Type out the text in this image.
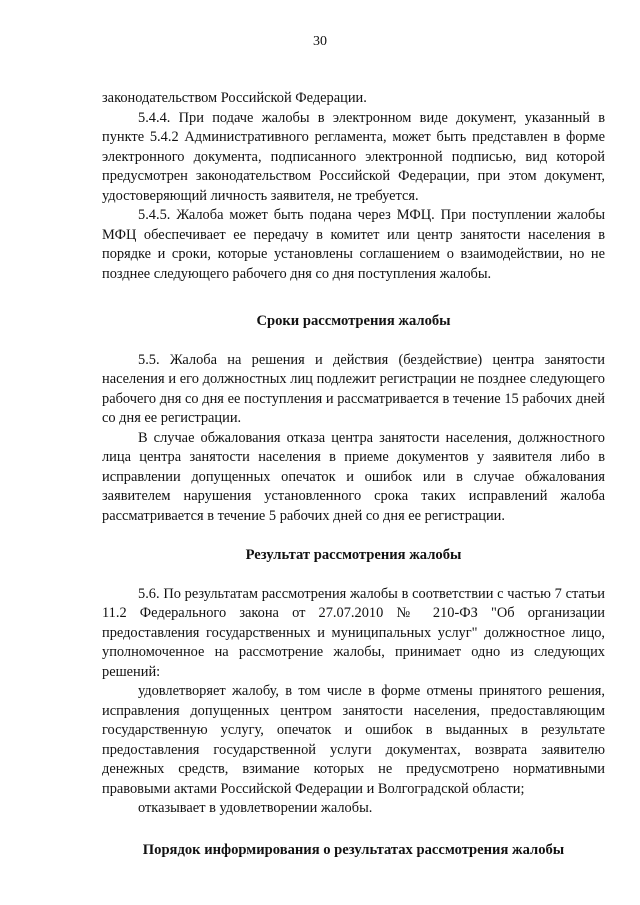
30

законодательством Российской Федерации.

5.4.4. При подаче жалобы в электронном виде документ, указанный в пункте 5.4.2 Административного регламента, может быть представлен в форме электронного документа, подписанного электронной подписью, вид которой предусмотрен законодательством Российской Федерации, при этом документ, удостоверяющий личность заявителя, не требуется.

5.4.5. Жалоба может быть подана через МФЦ. При поступлении жалобы МФЦ обеспечивает ее передачу в комитет или центр занятости населения в порядке и сроки, которые установлены соглашением о взаимодействии, но не позднее следующего рабочего дня со дня поступления жалобы.

Сроки рассмотрения жалобы

5.5. Жалоба на решения и действия (бездействие) центра занятости населения и его должностных лиц подлежит регистрации не позднее следующего рабочего дня со дня ее поступления и рассматривается в течение 15 рабочих дней со дня ее регистрации.

В случае обжалования отказа центра занятости населения, должностного лица центра занятости населения в приеме документов у заявителя либо в исправлении допущенных опечаток и ошибок или в случае обжалования заявителем нарушения установленного срока таких исправлений жалоба рассматривается в течение 5 рабочих дней со дня ее регистрации.

Результат рассмотрения жалобы

5.6. По результатам рассмотрения жалобы в соответствии с частью 7 статьи 11.2 Федерального закона от 27.07.2010 № 210-ФЗ "Об организации предоставления государственных и муниципальных услуг" должностное лицо, уполномоченное на рассмотрение жалобы, принимает одно из следующих решений:

удовлетворяет жалобу, в том числе в форме отмены принятого решения, исправления допущенных центром занятости населения, предоставляющим государственную услугу, опечаток и ошибок в выданных в результате предоставления государственной услуги документах, возврата заявителю денежных средств, взимание которых не предусмотрено нормативными правовыми актами Российской Федерации и Волгоградской области;

отказывает в удовлетворении жалобы.

Порядок информирования о результатах рассмотрения жалобы
